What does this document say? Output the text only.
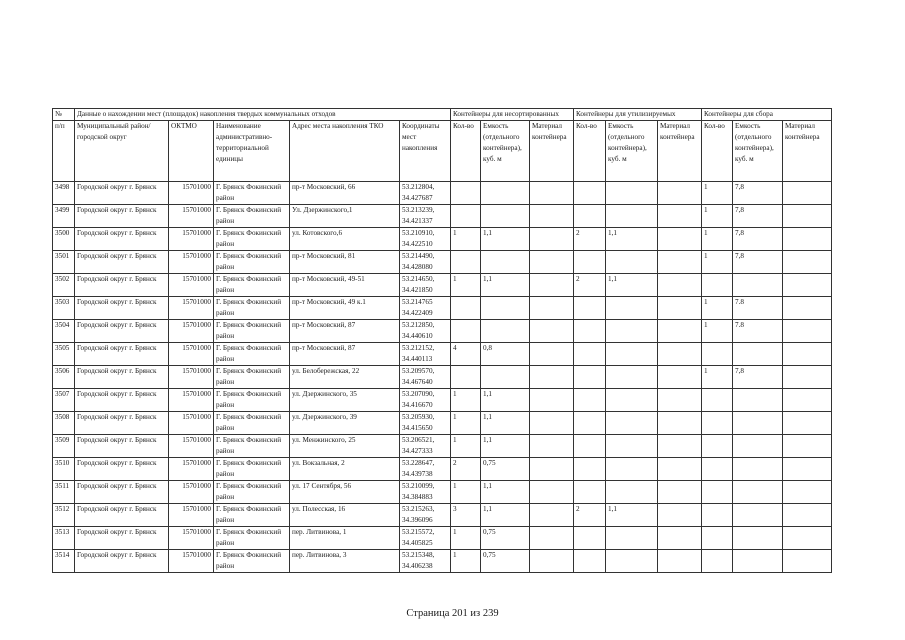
№	Данные о нахождении мест (площадок) накопления твердых коммунальных отходов					Контейнеры для несортированных			Контейнеры для утилизируемых			Контейнеры для сбора		
п/п	Муниципальный район/городской округ	ОКТМО	Наименование административно-территориальной единицы	Адрес места накопления ТКО	Координаты мест накопления	Кол-во	Емкость (отдельного контейнера), куб. м	Материал контейнера	Кол-во	Емкость (отдельного контейнера), куб. м	Материал контейнера	Кол-во	Емкость (отдельного контейнера), куб. м	Материал контейнера
3498	Городской округ г. Брянск	15701000	Г. Брянск Фокинский район	пр-т Московский, 66	53.212804, 34.427687							1	7,8	
3499	Городской округ г. Брянск	15701000	Г. Брянск Фокинский район	Ул. Дзержинского,1	53.213239, 34.421337							1	7,8	
3500	Городской округ г. Брянск	15701000	Г. Брянск Фокинский район	ул. Котовского,6	53.210910, 34.422510	1	1,1		2	1,1		1	7,8	
3501	Городской округ г. Брянск	15701000	Г. Брянск Фокинский район	пр-т Московский, 81	53.214490, 34.428080							1	7,8	
3502	Городской округ г. Брянск	15701000	Г. Брянск Фокинский район	пр-т Московский, 49-51	53.214650, 34.421850	1	1,1		2	1,1				
3503	Городской округ г. Брянск	15701000	Г. Брянск Фокинский район	пр-т Московский, 49 к.1	53.214765 34.422409							1	7.8	
3504	Городской округ г. Брянск	15701000	Г. Брянск Фокинский район	пр-т Московский, 87	53.212850, 34.440610							1	7.8	
3505	Городской округ г. Брянск	15701000	Г. Брянск Фокинский район	пр-т Московский, 87	53.212152, 34.440113	4	0,8							
3506	Городской округ г. Брянск	15701000	Г. Брянск Фокинский район	ул. Белобережская, 22	53.209570, 34.467640							1	7,8	
3507	Городской округ г. Брянск	15701000	Г. Брянск Фокинский район	ул. Дзержинского, 35	53.207090, 34.416670	1	1,1							
3508	Городской округ г. Брянск	15701000	Г. Брянск Фокинский район	ул. Дзержинского, 39	53.205930, 34.415650	1	1,1							
3509	Городской округ г. Брянск	15701000	Г. Брянск Фокинский район	ул. Менжинского, 25	53.206521, 34.427333	1	1,1							
3510	Городской округ г. Брянск	15701000	Г. Брянск Фокинский район	ул. Вокзальная, 2	53.228647, 34.439738	2	0,75							
3511	Городской округ г. Брянск	15701000	Г. Брянск Фокинский район	ул. 17 Сентября, 56	53.210099, 34.384883	1	1,1							
3512	Городской округ г. Брянск	15701000	Г. Брянск Фокинский район	ул. Полесская, 16	53.215263, 34.396096	3	1,1		2	1,1				
3513	Городской округ г. Брянск	15701000	Г. Брянск Фокинский район	пер. Литвинова, 1	53.215572, 34.405825	1	0,75							
3514	Городской округ г. Брянск	15701000	Г. Брянск Фокинский район	пер. Литвинова, 3	53.215348, 34.406238	1	0,75							
Страница 201 из 239
